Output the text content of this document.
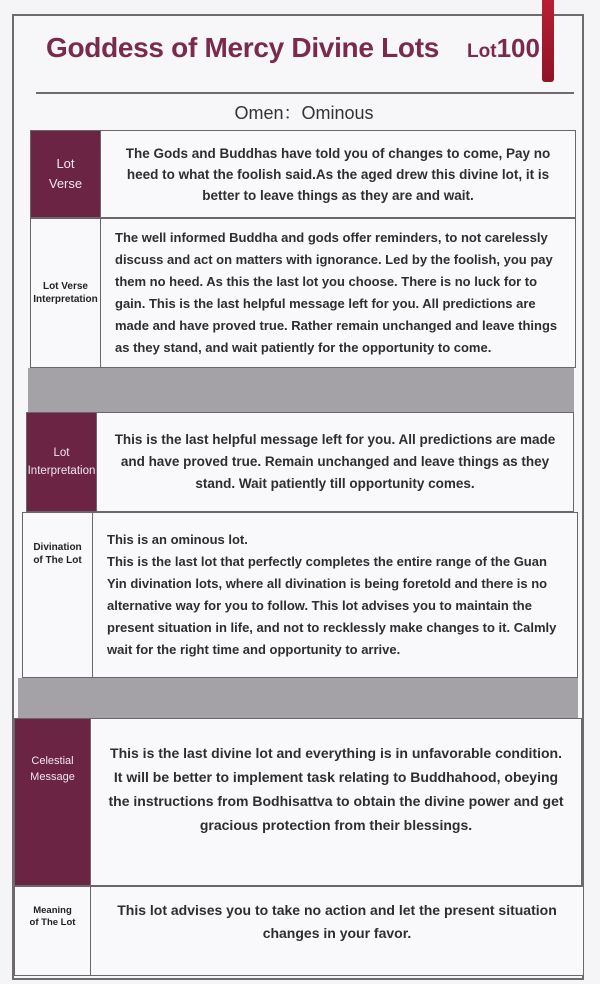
Goddess of Mercy Divine Lots Lot100
Omen：Ominous
Lot
Verse
The Gods and Buddhas have told you of changes to come, Pay no heed to what the foolish said.As the aged drew this divine lot, it is better to leave things as they are and wait.
Lot Verse
Interpretation
The well informed Buddha and gods offer reminders, to not carelessly discuss and act on matters with ignorance. Led by the foolish, you pay them no heed. As this the last lot you choose. There is no luck for to gain. This is the last helpful message left for you. All predictions are made and have proved true. Rather remain unchanged and leave things as they stand, and wait patiently for the opportunity to come.
Lot
Interpretation
This is the last helpful message left for you. All predictions are made and have proved true. Remain unchanged and leave things as they stand. Wait patiently till opportunity comes.
Divination
of The Lot
This is an ominous lot.
This is the last lot that perfectly completes the entire range of the Guan Yin divination lots, where all divination is being foretold and there is no alternative way for you to follow. This lot advises you to maintain the present situation in life, and not to recklessly make changes to it. Calmly wait for the right time and opportunity to arrive.
Celestial
Message
This is the last divine lot and everything is in unfavorable condition. It will be better to implement task relating to Buddhahood, obeying the instructions from Bodhisattva to obtain the divine power and get gracious protection from their blessings.
Meaning
of The Lot
This lot advises you to take no action and let the present situation changes in your favor.
